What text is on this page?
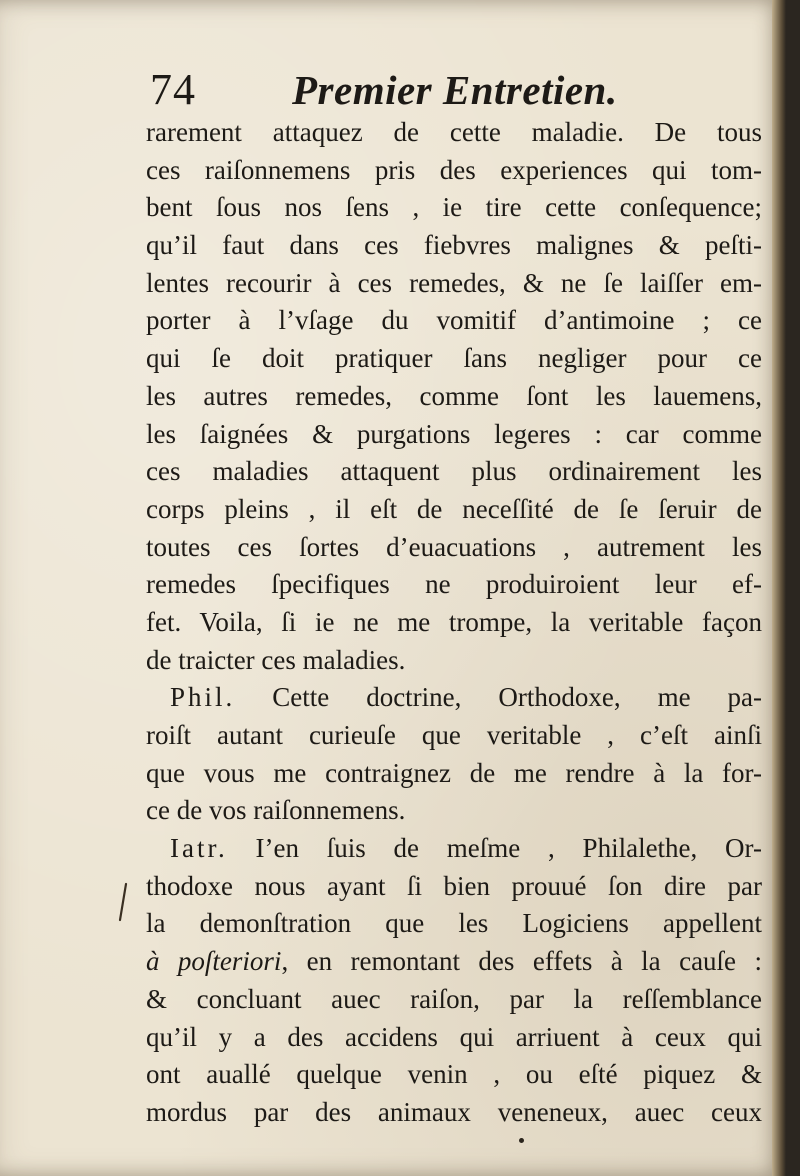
74 Premier Entretien.
rarement attaquez de cette maladie. De tous
ces raiſonnemens pris des experiences qui tom-
bent ſous nos ſens , ie tire cette conſequence;
qu’il faut dans ces fiebvres malignes & peſti-
lentes recourir à ces remedes, & ne ſe laiſſer em-
porter à l’vſage du vomitif d’antimoine ; ce
qui ſe doit pratiquer ſans negliger pour ce
les autres remedes, comme ſont les lauemens,
les ſaignées & purgations legeres : car comme
ces maladies attaquent plus ordinairement les
corps pleins , il eſt de neceſſité de ſe ſeruir de
toutes ces ſortes d’euacuations , autrement les
remedes ſpecifiques ne produiroient leur ef-
fet. Voila, ſi ie ne me trompe, la veritable façon
de traicter ces maladies.
Phil. Cette doctrine, Orthodoxe, me pa-
roiſt autant curieuſe que veritable , c’eſt ainſi
que vous me contraignez de me rendre à la for-
ce de vos raiſonnemens.
Iatr. I’en ſuis de meſme , Philalethe, Or-
thodoxe nous ayant ſi bien prouué ſon dire par
la demonſtration que les Logiciens appellent
à poſteriori, en remontant des effets à la cauſe :
& concluant auec raiſon, par la reſſemblance
qu’il y a des accidens qui arriuent à ceux qui
ont auallé quelque venin , ou eſté piquez &
mordus par des animaux veneneux, auec ceux
